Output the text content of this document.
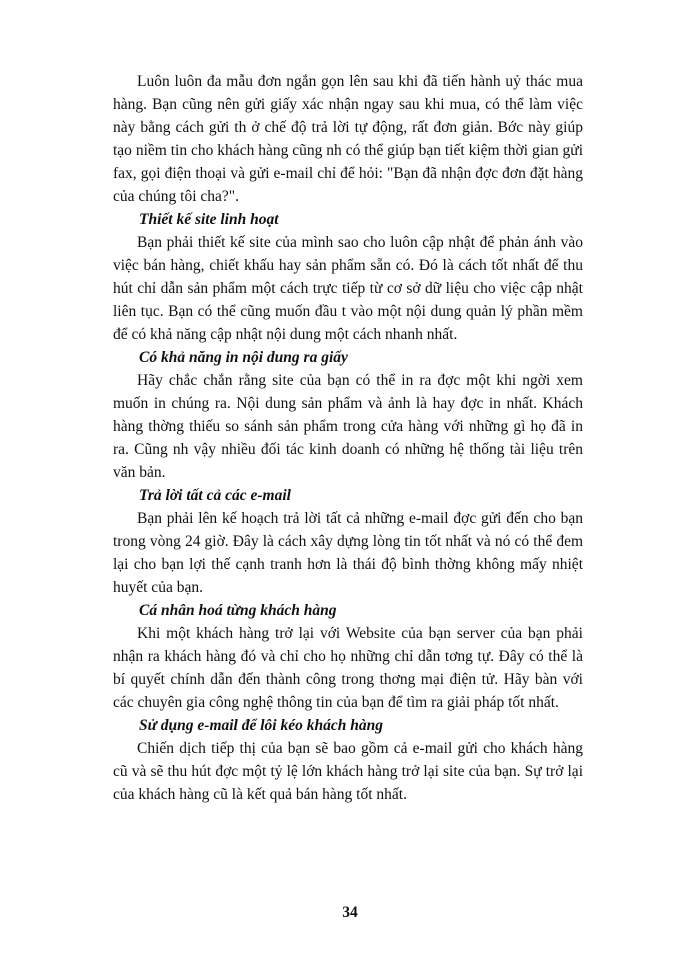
Luôn luôn đa mẫu đơn ngắn gọn lên sau khi đã tiến hành uỷ thác mua hàng. Bạn cũng nên gửi giấy xác nhận ngay sau khi mua, có thể làm việc này bằng cách gửi th ở chế độ trả lời tự động, rất đơn giản. Bớc này giúp tạo niềm tin cho khách hàng cũng nh có thể giúp bạn tiết kiệm thời gian gửi fax, gọi điện thoại và gửi e-mail chỉ để hỏi: "Bạn đã nhận đợc đơn đặt hàng của chúng tôi cha?".

Thiết kế site linh hoạt

Bạn phải thiết kế site của mình sao cho luôn cập nhật để phản ánh vào việc bán hàng, chiết khấu hay sản phẩm sẵn có. Đó là cách tốt nhất để thu hút chỉ dẫn sản phẩm một cách trực tiếp từ cơ sở dữ liệu cho việc cập nhật liên tục. Bạn có thể cũng muốn đầu t vào một nội dung quản lý phần mềm để có khả năng cập nhật nội dung một cách nhanh nhất.

Có khả năng in nội dung ra giấy

Hãy chắc chắn rằng site của bạn có thể in ra đợc một khi ngời xem muốn in chúng ra. Nội dung sản phẩm và ảnh là hay đợc in nhất. Khách hàng thờng thiếu so sánh sản phẩm trong cửa hàng với những gì họ đã in ra. Cũng nh vậy nhiều đối tác kinh doanh có những hệ thống tài liệu trên văn bản.

Trả lời tất cả các e-mail

Bạn phải lên kế hoạch trả lời tất cả những e-mail đợc gửi đến cho bạn trong vòng 24 giờ. Đây là cách xây dựng lòng tin tốt nhất và nó có thể đem lại cho bạn lợi thế cạnh tranh hơn là thái độ bình thờng không mấy nhiệt huyết của bạn.

Cá nhân hoá từng khách hàng

Khi một khách hàng trở lại với Website của bạn server của bạn phải nhận ra khách hàng đó và chỉ cho họ những chỉ dẫn tơng tự. Đây có thể là bí quyết chính dẫn đến thành công trong thơng mại điện tử. Hãy bàn với các chuyên gia công nghệ thông tin của bạn để tìm ra giải pháp tốt nhất.

Sử dụng e-mail để lôi kéo khách hàng

Chiến dịch tiếp thị của bạn sẽ bao gồm cả e-mail gửi cho khách hàng cũ và sẽ thu hút đợc một tỷ lệ lớn khách hàng trở lại site của bạn. Sự trở lại của khách hàng cũ là kết quả bán hàng tốt nhất.

34
